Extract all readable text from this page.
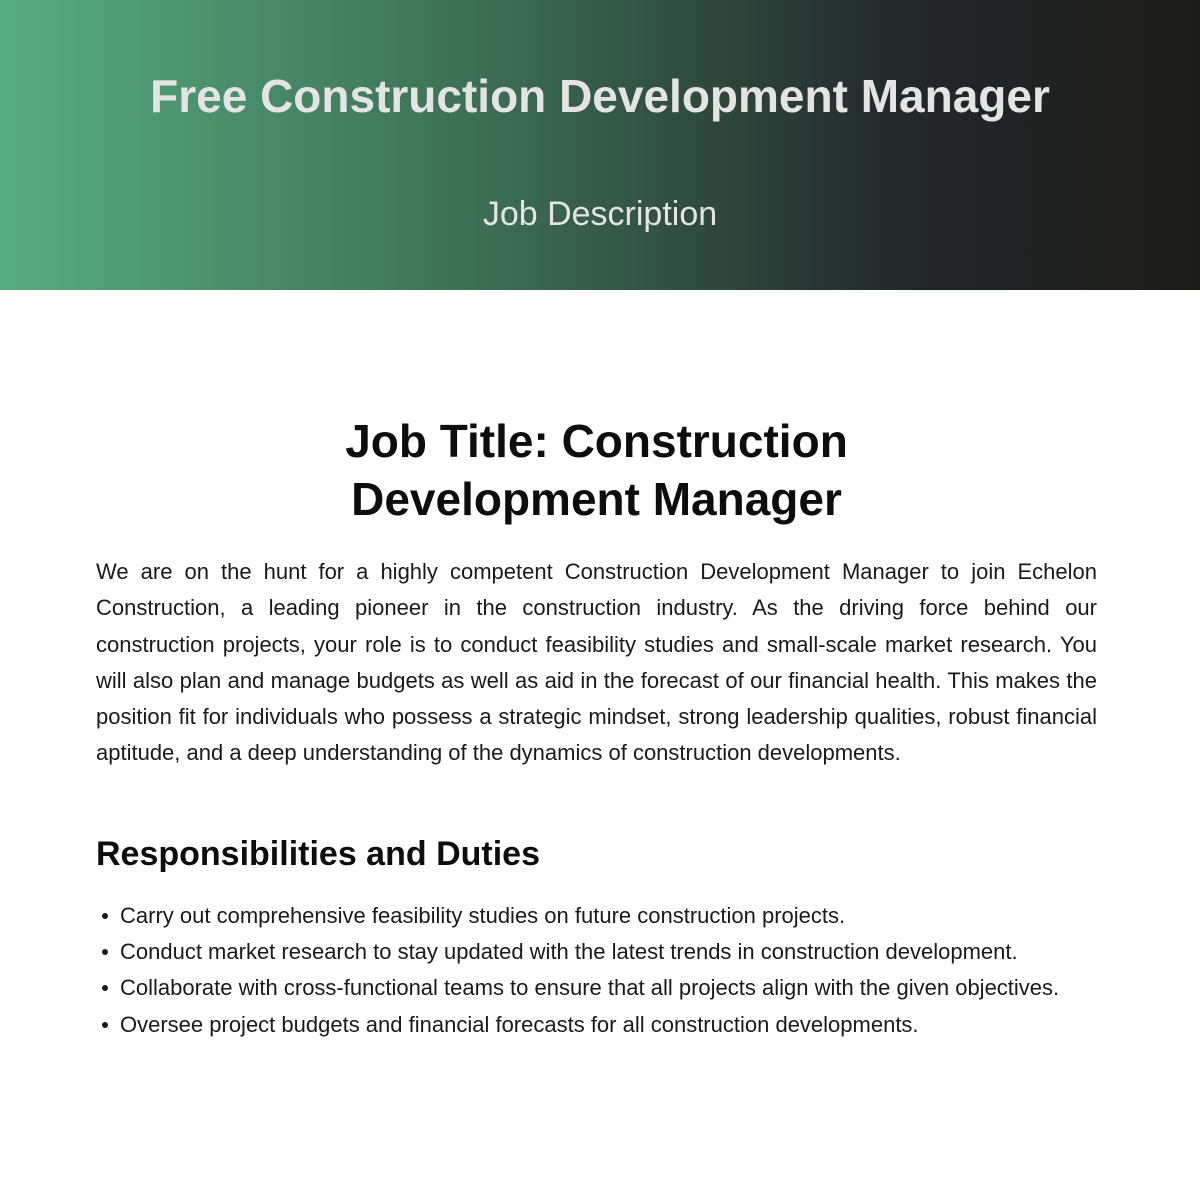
Free Construction Development Manager
Job Description
Job Title: Construction Development Manager

We are on the hunt for a highly competent Construction Development Manager to join Echelon Construction, a leading pioneer in the construction industry. As the driving force behind our construction projects, your role is to conduct feasibility studies and small-scale market research. You will also plan and manage budgets as well as aid in the forecast of our financial health. This makes the position fit for individuals who possess a strategic mindset, strong leadership qualities, robust financial aptitude, and a deep understanding of the dynamics of construction developments.

Responsibilities and Duties
Carry out comprehensive feasibility studies on future construction projects.
Conduct market research to stay updated with the latest trends in construction development.
Collaborate with cross-functional teams to ensure that all projects align with the given objectives.
Oversee project budgets and financial forecasts for all construction developments.
